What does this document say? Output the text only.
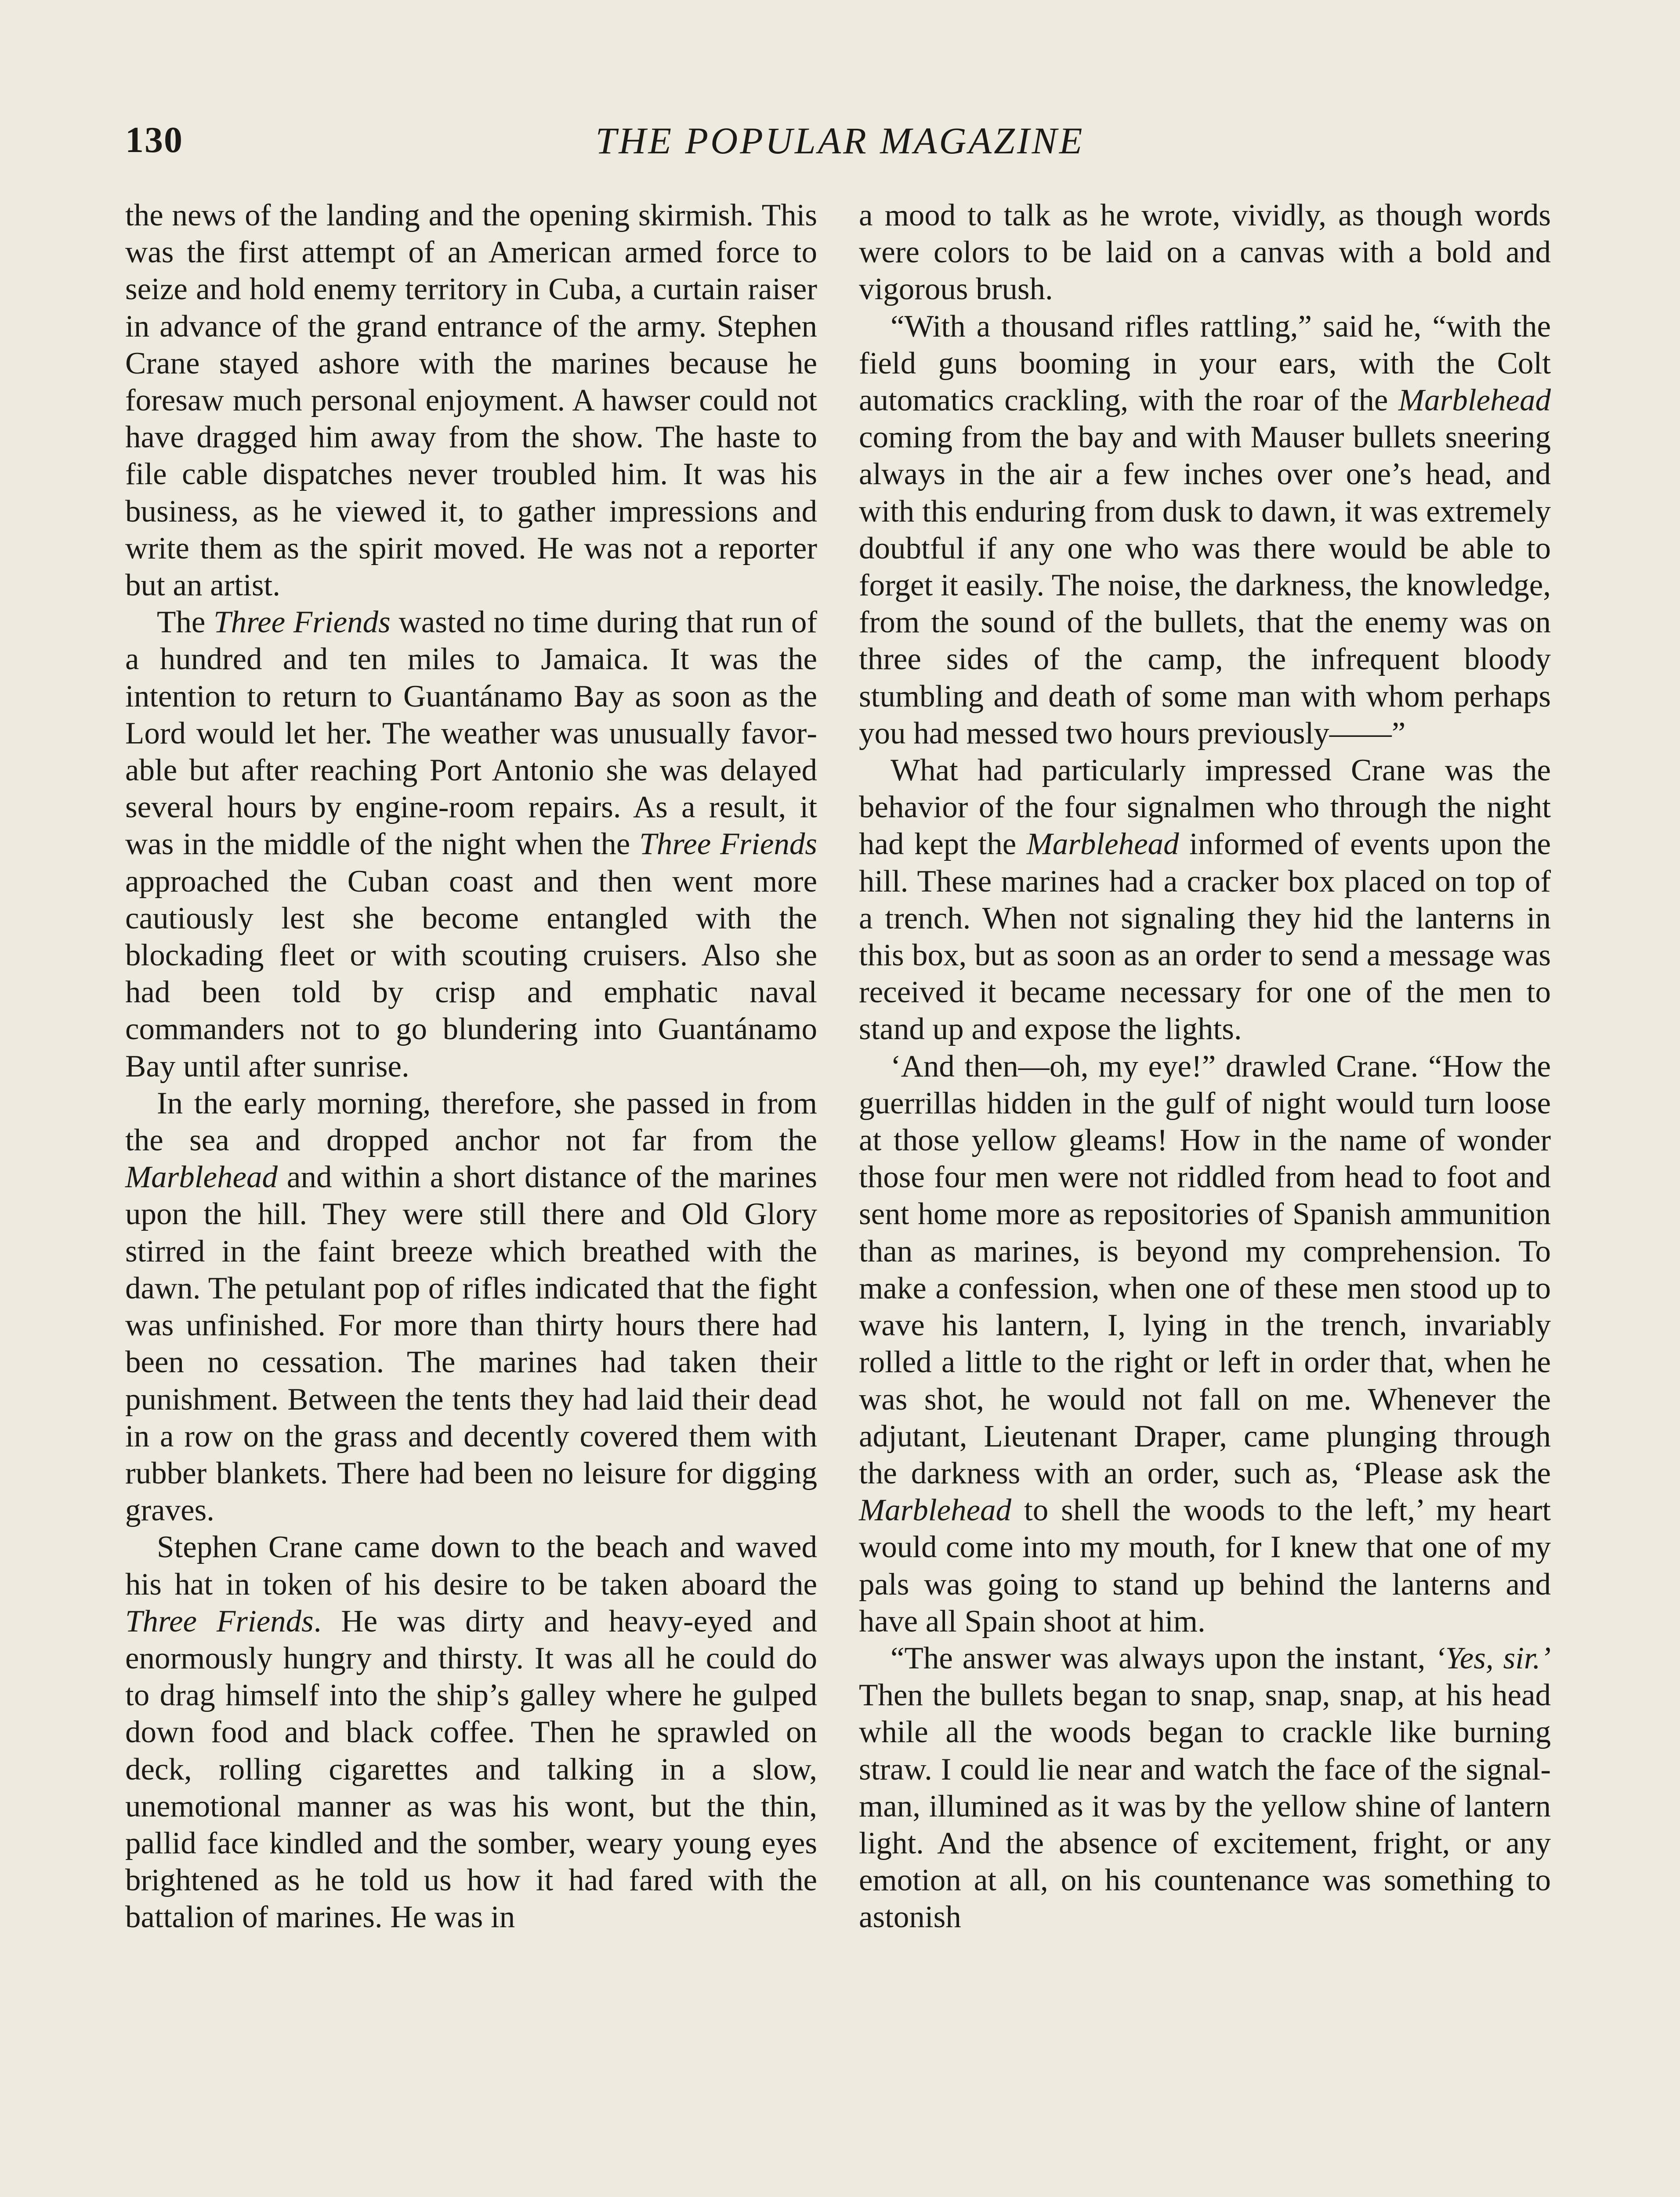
130	THE POPULAR MAGAZINE

the news of the landing and the opening skirmish. This was the first attempt of an American armed force to seize and hold enemy territory in Cuba, a curtain raiser in advance of the grand entrance of the army. Stephen Crane stayed ashore with the marines because he foresaw much personal enjoyment. A hawser could not have dragged him away from the show. The haste to file cable dispatches never troubled him. It was his business, as he viewed it, to gather impressions and write them as the spirit moved. He was not a reporter but an artist.

The Three Friends wasted no time during that run of a hundred and ten miles to Jamaica. It was the intention to return to Guantánamo Bay as soon as the Lord would let her. The weather was unusually favorable but after reaching Port Antonio she was delayed several hours by engine-room repairs. As a result, it was in the middle of the night when the Three Friends approached the Cuban coast and then went more cautiously lest she become entangled with the blockading fleet or with scouting cruisers. Also she had been told by crisp and emphatic naval commanders not to go blundering into Guantánamo Bay until after sunrise.

In the early morning, therefore, she passed in from the sea and dropped anchor not far from the Marblehead and within a short distance of the marines upon the hill. They were still there and Old Glory stirred in the faint breeze which breathed with the dawn. The petulant pop of rifles indicated that the fight was unfinished. For more than thirty hours there had been no cessation. The marines had taken their punishment. Between the tents they had laid their dead in a row on the grass and decently covered them with rubber blankets. There had been no leisure for digging graves.

Stephen Crane came down to the beach and waved his hat in token of his desire to be taken aboard the Three Friends. He was dirty and heavy-eyed and enormously hungry and thirsty. It was all he could do to drag himself into the ship’s galley where he gulped down food and black coffee. Then he sprawled on deck, rolling cigarettes and talking in a slow, unemotional manner as was his wont, but the thin, pallid face kindled and the somber, weary young eyes brightened as he told us how it had fared with the battalion of marines. He was in

a mood to talk as he wrote, vividly, as though words were colors to be laid on a canvas with a bold and vigorous brush.

“With a thousand rifles rattling,” said he, “with the field guns booming in your ears, with the Colt automatics crackling, with the roar of the Marblehead coming from the bay and with Mauser bullets sneering always in the air a few inches over one’s head, and with this enduring from dusk to dawn, it was extremely doubtful if any one who was there would be able to forget it easily. The noise, the darkness, the knowledge, from the sound of the bullets, that the enemy was on three sides of the camp, the infrequent bloody stumbling and death of some man with whom perhaps you had messed two hours previously——”

What had particularly impressed Crane was the behavior of the four signalmen who through the night had kept the Marblehead informed of events upon the hill. These marines had a cracker box placed on top of a trench. When not signaling they hid the lanterns in this box, but as soon as an order to send a message was received it became necessary for one of the men to stand up and expose the lights.

‘And then—oh, my eye!” drawled Crane. “How the guerrillas hidden in the gulf of night would turn loose at those yellow gleams! How in the name of wonder those four men were not riddled from head to foot and sent home more as repositories of Spanish ammunition than as marines, is beyond my comprehension. To make a confession, when one of these men stood up to wave his lantern, I, lying in the trench, invariably rolled a little to the right or left in order that, when he was shot, he would not fall on me. Whenever the adjutant, Lieutenant Draper, came plunging through the darkness with an order, such as, ‘Please ask the Marblehead to shell the woods to the left,’ my heart would come into my mouth, for I knew that one of my pals was going to stand up behind the lanterns and have all Spain shoot at him.

“The answer was always upon the instant, ‘Yes, sir.’ Then the bullets began to snap, snap, snap, at his head while all the woods began to crackle like burning straw. I could lie near and watch the face of the signalman, illumined as it was by the yellow shine of lantern light. And the absence of excitement, fright, or any emotion at all, on his countenance was something to astonish
